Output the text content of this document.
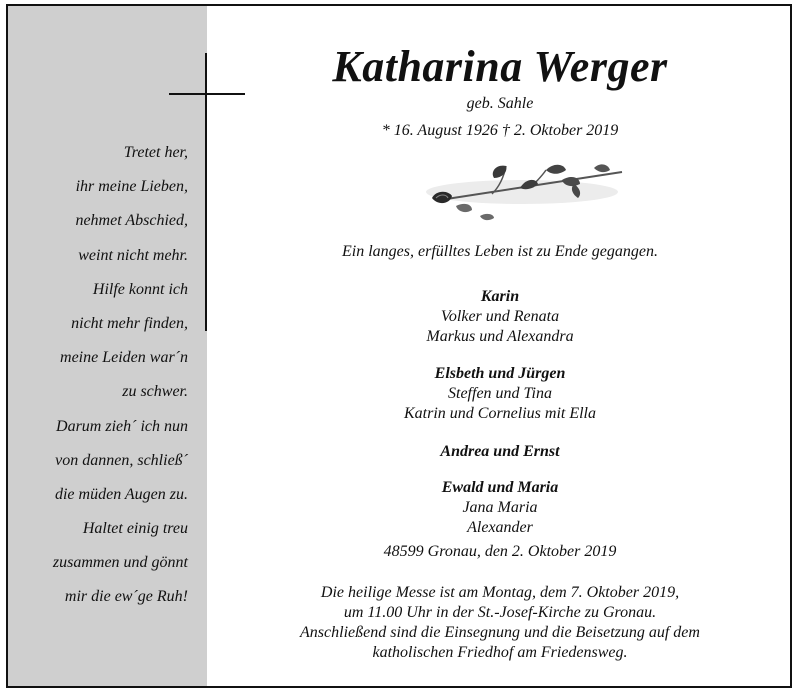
Tretet her,
ihr meine Lieben,
nehmet Abschied,
weint nicht mehr.
Hilfe konnt ich
nicht mehr finden,
meine Leiden war´n
zu schwer.
Darum zieh´ ich nun
von dannen, schließ´
die müden Augen zu.
Haltet einig treu
zusammen und gönnt
mir die ew´ge Ruh!
Katharina Werger
geb. Sahle
* 16. August 1926 † 2. Oktober 2019
Ein langes, erfülltes Leben ist zu Ende gegangen.
Karin
Volker und Renata
Markus und Alexandra
Elsbeth und Jürgen
Steffen und Tina
Katrin und Cornelius mit Ella
Andrea und Ernst
Ewald und Maria
Jana Maria
Alexander
48599 Gronau, den 2. Oktober 2019
Die heilige Messe ist am Montag, dem 7. Oktober 2019,
um 11.00 Uhr in der St.-Josef-Kirche zu Gronau.
Anschließend sind die Einsegnung und die Beisetzung auf dem
katholischen Friedhof am Friedensweg.
